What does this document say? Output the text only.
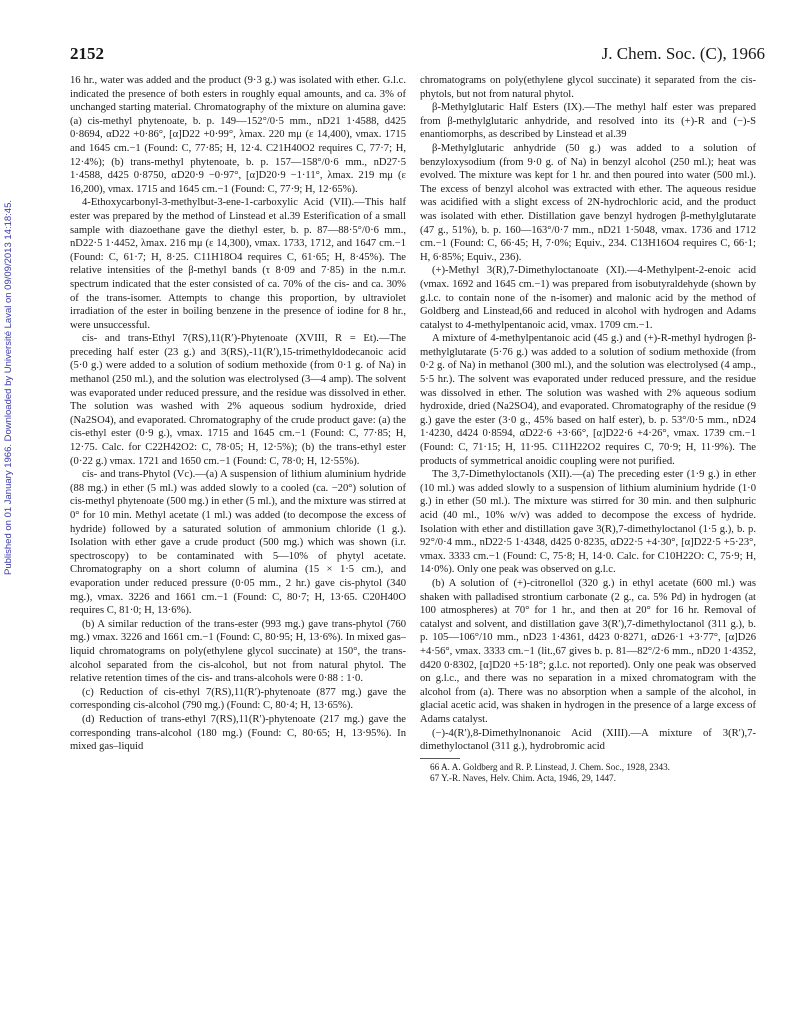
Published on 01 January 1966. Downloaded by Université Laval on 09/09/2013 14:18:45.
2152	J. Chem. Soc. (C), 1966

16 hr., water was added and the product (9·3 g.) was isolated with ether. G.l.c. indicated the presence of both esters in roughly equal amounts, and ca. 3% of unchanged starting material. Chromatography of the mixture on alumina gave: (a) cis-methyl phytenoate, b. p. 149—152°/0·5 mm., nD21 1·4588, d425 0·8694, αD22 +0·86°, [α]D22 +0·99°, λmax. 220 mμ (ε 14,400), νmax. 1715 and 1645 cm.−1 (Found: C, 77·85; H, 12·4. C21H40O2 requires C, 77·7; H, 12·4%); (b) trans-methyl phytenoate, b. p. 157—158°/0·6 mm., nD27·5 1·4588, d425 0·8750, αD20·9 −0·97°, [α]D20·9 −1·11°, λmax. 219 mμ (ε 16,200), νmax. 1715 and 1645 cm.−1 (Found: C, 77·9; H, 12·65%).

4-Ethoxycarbonyl-3-methylbut-3-ene-1-carboxylic Acid (VII).—This half ester was prepared by the method of Linstead et al.39 Esterification of a small sample with diazoethane gave the diethyl ester, b. p. 87—88·5°/0·6 mm., nD22·5 1·4452, λmax. 216 mμ (ε 14,300), νmax. 1733, 1712, and 1647 cm.−1 (Found: C, 61·7; H, 8·25. C11H18O4 requires C, 61·65; H, 8·45%). The relative intensities of the β-methyl bands (τ 8·09 and 7·85) in the n.m.r. spectrum indicated that the ester consisted of ca. 70% of the cis- and ca. 30% of the trans-isomer. Attempts to change this proportion, by ultraviolet irradiation of the ester in boiling benzene in the presence of iodine for 8 hr., were unsuccessful.

cis- and trans-Ethyl 7(RS),11(R′)-Phytenoate (XVIII, R = Et).—The preceding half ester (23 g.) and 3(RS),-11(R′),15-trimethyldodecanoic acid (5·0 g.) were added to a solution of sodium methoxide (from 0·1 g. of Na) in methanol (250 ml.), and the solution was electrolysed (3—4 amp). The solvent was evaporated under reduced pressure, and the residue was dissolved in ether. The solution was washed with 2% aqueous sodium hydroxide, dried (Na2SO4), and evaporated. Chromatography of the crude product gave: (a) the cis-ethyl ester (0·9 g.), νmax. 1715 and 1645 cm.−1 (Found: C, 77·85; H, 12·75. Calc. for C22H42O2: C, 78·05; H, 12·5%); (b) the trans-ethyl ester (0·22 g.) νmax. 1721 and 1650 cm.−1 (Found: C, 78·0; H, 12·55%).

cis- and trans-Phytol (Vc).—(a) A suspension of lithium aluminium hydride (88 mg.) in ether (5 ml.) was added slowly to a cooled (ca. −20°) solution of cis-methyl phytenoate (500 mg.) in ether (5 ml.), and the mixture was stirred at 0° for 10 min. Methyl acetate (1 ml.) was added (to decompose the excess of hydride) followed by a saturated solution of ammonium chloride (1 g.). Isolation with ether gave a crude product (500 mg.) which was shown (i.r. spectroscopy) to be contaminated with 5—10% of phytyl acetate. Chromatography on a short column of alumina (15 × 1·5 cm.), and evaporation under reduced pressure (0·05 mm., 2 hr.) gave cis-phytol (340 mg.), νmax. 3226 and 1661 cm.−1 (Found: C, 80·7; H, 13·65. C20H40O requires C, 81·0; H, 13·6%).

(b) A similar reduction of the trans-ester (993 mg.) gave trans-phytol (760 mg.) νmax. 3226 and 1661 cm.−1 (Found: C, 80·95; H, 13·6%). In mixed gas–liquid chromatograms on poly(ethylene glycol succinate) at 150°, the trans-alcohol separated from the cis-alcohol, but not from natural phytol. The relative retention times of the cis- and trans-alcohols were 0·88 : 1·0.

(c) Reduction of cis-ethyl 7(RS),11(R′)-phytenoate (877 mg.) gave the corresponding cis-alcohol (790 mg.) (Found: C, 80·4; H, 13·65%).

(d) Reduction of trans-ethyl 7(RS),11(R′)-phytenoate (217 mg.) gave the corresponding trans-alcohol (180 mg.) (Found: C, 80·65; H, 13·95%). In mixed gas–liquid

chromatograms on poly(ethylene glycol succinate) it separated from the cis-phytols, but not from natural phytol.

β-Methylglutaric Half Esters (IX).—The methyl half ester was prepared from β-methylglutaric anhydride, and resolved into its (+)-R and (−)-S enantiomorphs, as described by Linstead et al.39

β-Methylglutaric anhydride (50 g.) was added to a solution of benzyloxysodium (from 9·0 g. of Na) in benzyl alcohol (250 ml.); heat was evolved. The mixture was kept for 1 hr. and then poured into water (500 ml.). The excess of benzyl alcohol was extracted with ether. The aqueous residue was acidified with a slight excess of 2N-hydrochloric acid, and the product was isolated with ether. Distillation gave benzyl hydrogen β-methylglutarate (47 g., 51%), b. p. 160—163°/0·7 mm., nD21 1·5048, νmax. 1736 and 1712 cm.−1 (Found: C, 66·45; H, 7·0%; Equiv., 234. C13H16O4 requires C, 66·1; H, 6·85%; Equiv., 236).

(+)-Methyl 3(R),7-Dimethyloctanoate (XI).—4-Methylpent-2-enoic acid (νmax. 1692 and 1645 cm.−1) was prepared from isobutyraldehyde (shown by g.l.c. to contain none of the n-isomer) and malonic acid by the method of Goldberg and Linstead,66 and reduced in alcohol with hydrogen and Adams catalyst to 4-methylpentanoic acid, νmax. 1709 cm.−1.

A mixture of 4-methylpentanoic acid (45 g.) and (+)-R-methyl hydrogen β-methylglutarate (5·76 g.) was added to a solution of sodium methoxide (from 0·2 g. of Na) in methanol (300 ml.), and the solution was electrolysed (4 amp., 5·5 hr.). The solvent was evaporated under reduced pressure, and the residue was dissolved in ether. The solution was washed with 2% aqueous sodium hydroxide, dried (Na2SO4), and evaporated. Chromatography of the residue (9 g.) gave the ester (3·0 g., 45% based on half ester), b. p. 53°/0·5 mm., nD24 1·4230, d424 0·8594, αD22·6 +3·66°, [α]D22·6 +4·26°, νmax. 1739 cm.−1 (Found: C, 71·15; H, 11·95. C11H22O2 requires C, 70·9; H, 11·9%). The products of symmetrical anoidic coupling were not purified.

The 3,7-Dimethyloctanols (XII).—(a) The preceding ester (1·9 g.) in ether (10 ml.) was added slowly to a suspension of lithium aluminium hydride (1·0 g.) in ether (50 ml.). The mixture was stirred for 30 min. and then sulphuric acid (40 ml., 10% w/v) was added to decompose the excess of hydride. Isolation with ether and distillation gave 3(R),7-dimethyloctanol (1·5 g.), b. p. 92°/0·4 mm., nD22·5 1·4348, d425 0·8235, αD22·5 +4·30°, [α]D22·5 +5·23°, νmax. 3333 cm.−1 (Found: C, 75·8; H, 14·0. Calc. for C10H22O: C, 75·9; H, 14·0%). Only one peak was observed on g.l.c.

(b) A solution of (+)-citronellol (320 g.) in ethyl acetate (600 ml.) was shaken with palladised strontium carbonate (2 g., ca. 5% Pd) in hydrogen (at 100 atmospheres) at 70° for 1 hr., and then at 20° for 16 hr. Removal of catalyst and solvent, and distillation gave 3(R′),7-dimethyloctanol (311 g.), b. p. 105—106°/10 mm., nD23 1·4361, d423 0·8271, αD26·1 +3·77°, [α]D26 +4·56°, νmax. 3333 cm.−1 (lit.,67 gives b. p. 81—82°/2·6 mm., nD20 1·4352, d420 0·8302, [α]D20 +5·18°; g.l.c. not reported). Only one peak was observed on g.l.c., and there was no separation in a mixed chromatogram with the alcohol from (a). There was no absorption when a sample of the alcohol, in glacial acetic acid, was shaken in hydrogen in the presence of a large excess of Adams catalyst.

(−)-4(R′),8-Dimethylnonanoic Acid (XIII).—A mixture of 3(R′),7-dimethyloctanol (311 g.), hydrobromic acid

66 A. A. Goldberg and R. P. Linstead, J. Chem. Soc., 1928, 2343.

67 Y.-R. Naves, Helv. Chim. Acta, 1946, 29, 1447.
